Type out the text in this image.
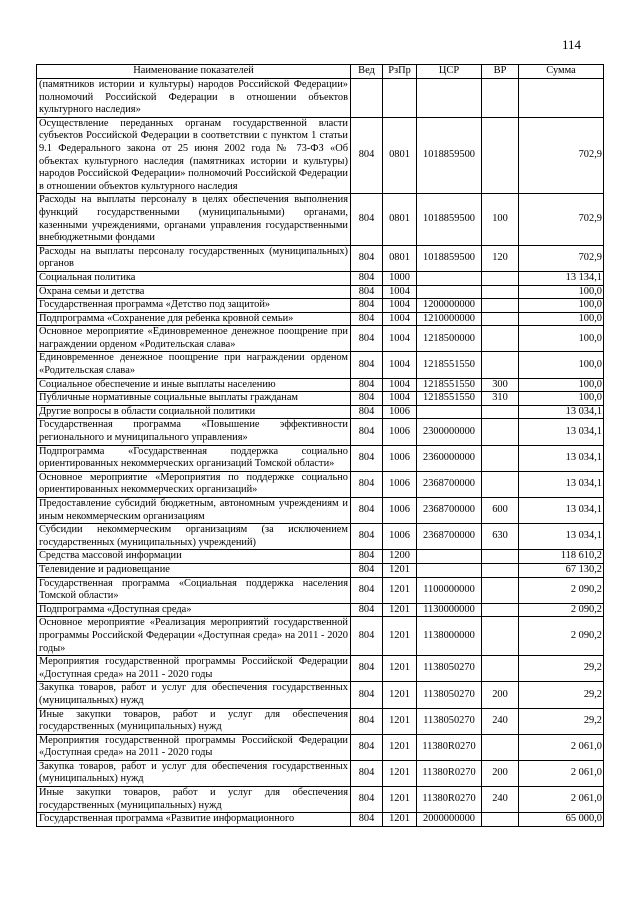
114
Наименование показателей	Вед	РзПр	ЦСР	ВР	Сумма
(памятников истории и культуры) народов Российской Федерации» полномочий Российской Федерации в отношении объектов культурного наследия»					
Осуществление переданных органам государственной власти субъектов Российской Федерации в соответствии с пунктом 1 статьи 9.1 Федерального закона от 25 июня 2002 года № 73-ФЗ «Об объектах культурного наследия (памятниках истории и культуры) народов Российской Федерации» полномочий Российской Федерации в отношении объектов культурного наследия	804	0801	1018859500		702,9
Расходы на выплаты персоналу в целях обеспечения выполнения функций государственными (муниципальными) органами, казенными учреждениями, органами управления государственными внебюджетными фондами	804	0801	1018859500	100	702,9
Расходы на выплаты персоналу государственных (муниципальных) органов	804	0801	1018859500	120	702,9
Социальная политика	804	1000			13 134,1
Охрана семьи и детства	804	1004			100,0
Государственная программа «Детство под защитой»	804	1004	1200000000		100,0
Подпрограмма «Сохранение для ребенка кровной семьи»	804	1004	1210000000		100,0
Основное мероприятие «Единовременное денежное поощрение при награждении орденом «Родительская слава»	804	1004	1218500000		100,0
Единовременное денежное поощрение при награждении орденом «Родительская слава»	804	1004	1218551550		100,0
Социальное обеспечение и иные выплаты населению	804	1004	1218551550	300	100,0
Публичные нормативные социальные выплаты гражданам	804	1004	1218551550	310	100,0
Другие вопросы в области социальной политики	804	1006			13 034,1
Государственная программа «Повышение эффективности регионального и муниципального управления»	804	1006	2300000000		13 034,1
Подпрограмма «Государственная поддержка социально ориентированных некоммерческих организаций Томской области»	804	1006	2360000000		13 034,1
Основное мероприятие «Мероприятия по поддержке социально ориентированных некоммерческих организаций»	804	1006	2368700000		13 034,1
Предоставление субсидий бюджетным, автономным учреждениям и иным некоммерческим организациям	804	1006	2368700000	600	13 034,1
Субсидии некоммерческим организациям (за исключением государственных (муниципальных) учреждений)	804	1006	2368700000	630	13 034,1
Средства массовой информации	804	1200			118 610,2
Телевидение и радиовещание	804	1201			67 130,2
Государственная программа «Социальная поддержка населения Томской области»	804	1201	1100000000		2 090,2
Подпрограмма «Доступная среда»	804	1201	1130000000		2 090,2
Основное мероприятие «Реализация мероприятий государственной программы Российской Федерации «Доступная среда» на 2011 - 2020 годы»	804	1201	1138000000		2 090,2
Мероприятия государственной программы Российской Федерации «Доступная среда» на 2011 - 2020 годы	804	1201	1138050270		29,2
Закупка товаров, работ и услуг для обеспечения государственных (муниципальных) нужд	804	1201	1138050270	200	29,2
Иные закупки товаров, работ и услуг для обеспечения государственных (муниципальных) нужд	804	1201	1138050270	240	29,2
Мероприятия государственной программы Российской Федерации «Доступная среда» на 2011 - 2020 годы	804	1201	11380R0270		2 061,0
Закупка товаров, работ и услуг для обеспечения государственных (муниципальных) нужд	804	1201	11380R0270	200	2 061,0
Иные закупки товаров, работ и услуг для обеспечения государственных (муниципальных) нужд	804	1201	11380R0270	240	2 061,0
Государственная программа «Развитие информационного	804	1201	2000000000		65 000,0
